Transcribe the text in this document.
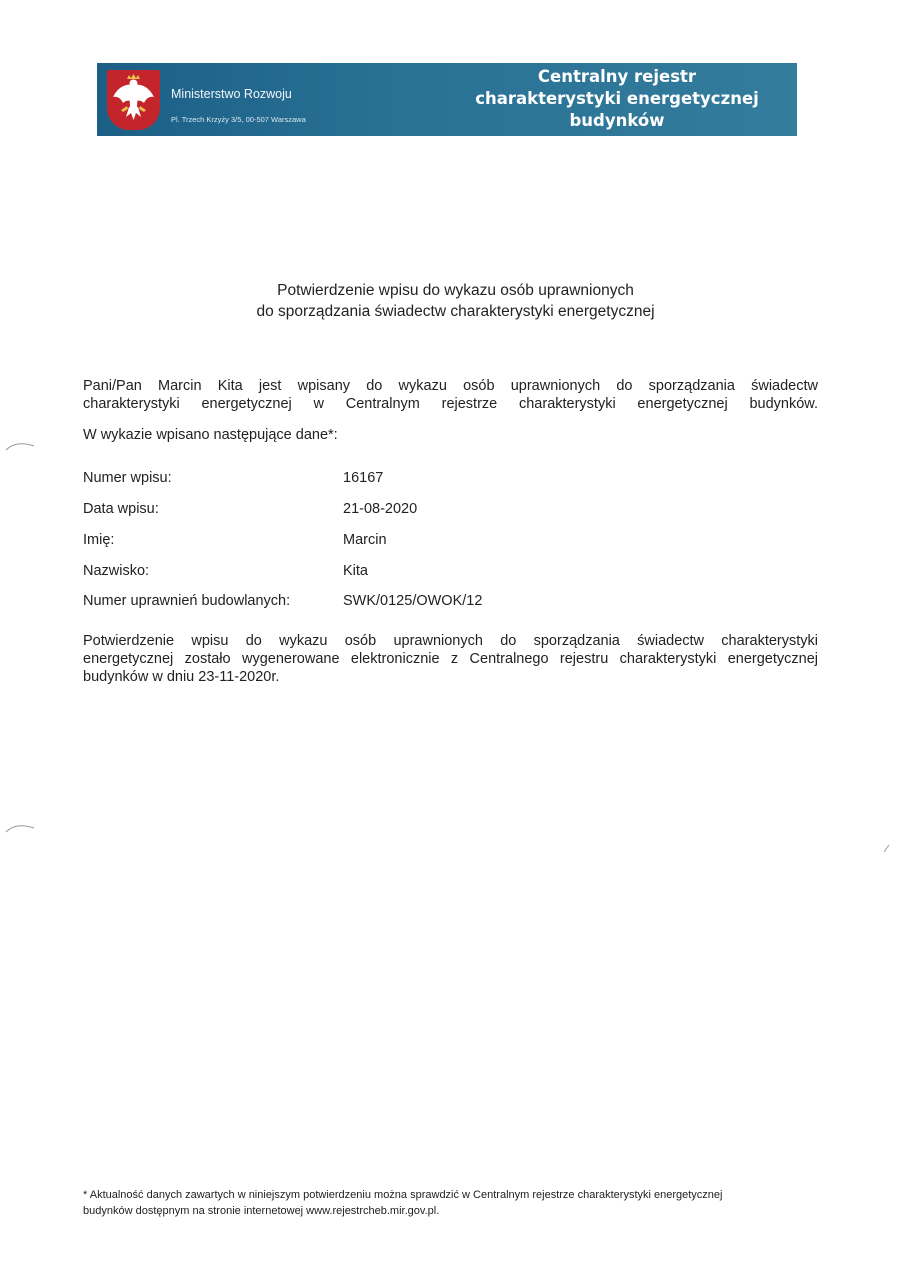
Ministerstwo Rozwoju
Pl. Trzech Krzyży 3/5, 00-507 Warszawa
Centralny rejestr
charakterystyki energetycznej
budynków
Potwierdzenie wpisu do wykazu osób uprawnionych
do sporządzania świadectw charakterystyki energetycznej
Pani/Pan Marcin Kita jest wpisany do wykazu osób uprawnionych do sporządzania świadectw
charakterystyki energetycznej w Centralnym rejestrze charakterystyki energetycznej budynków.
W wykazie wpisano następujące dane*:
Numer wpisu:	16167
Data wpisu:	21-08-2020
Imię:	Marcin
Nazwisko:	Kita
Numer uprawnień budowlanych:	SWK/0125/OWOK/12
Potwierdzenie wpisu do wykazu osób uprawnionych do sporządzania świadectw charakterystyki
energetycznej zostało wygenerowane elektronicznie z Centralnego rejestru charakterystyki energetycznej
budynków w dniu 23-11-2020r.
* Aktualność danych zawartych w niniejszym potwierdzeniu można sprawdzić w Centralnym rejestrze charakterystyki energetycznej
budynków dostępnym na stronie internetowej www.rejestrcheb.mir.gov.pl.
